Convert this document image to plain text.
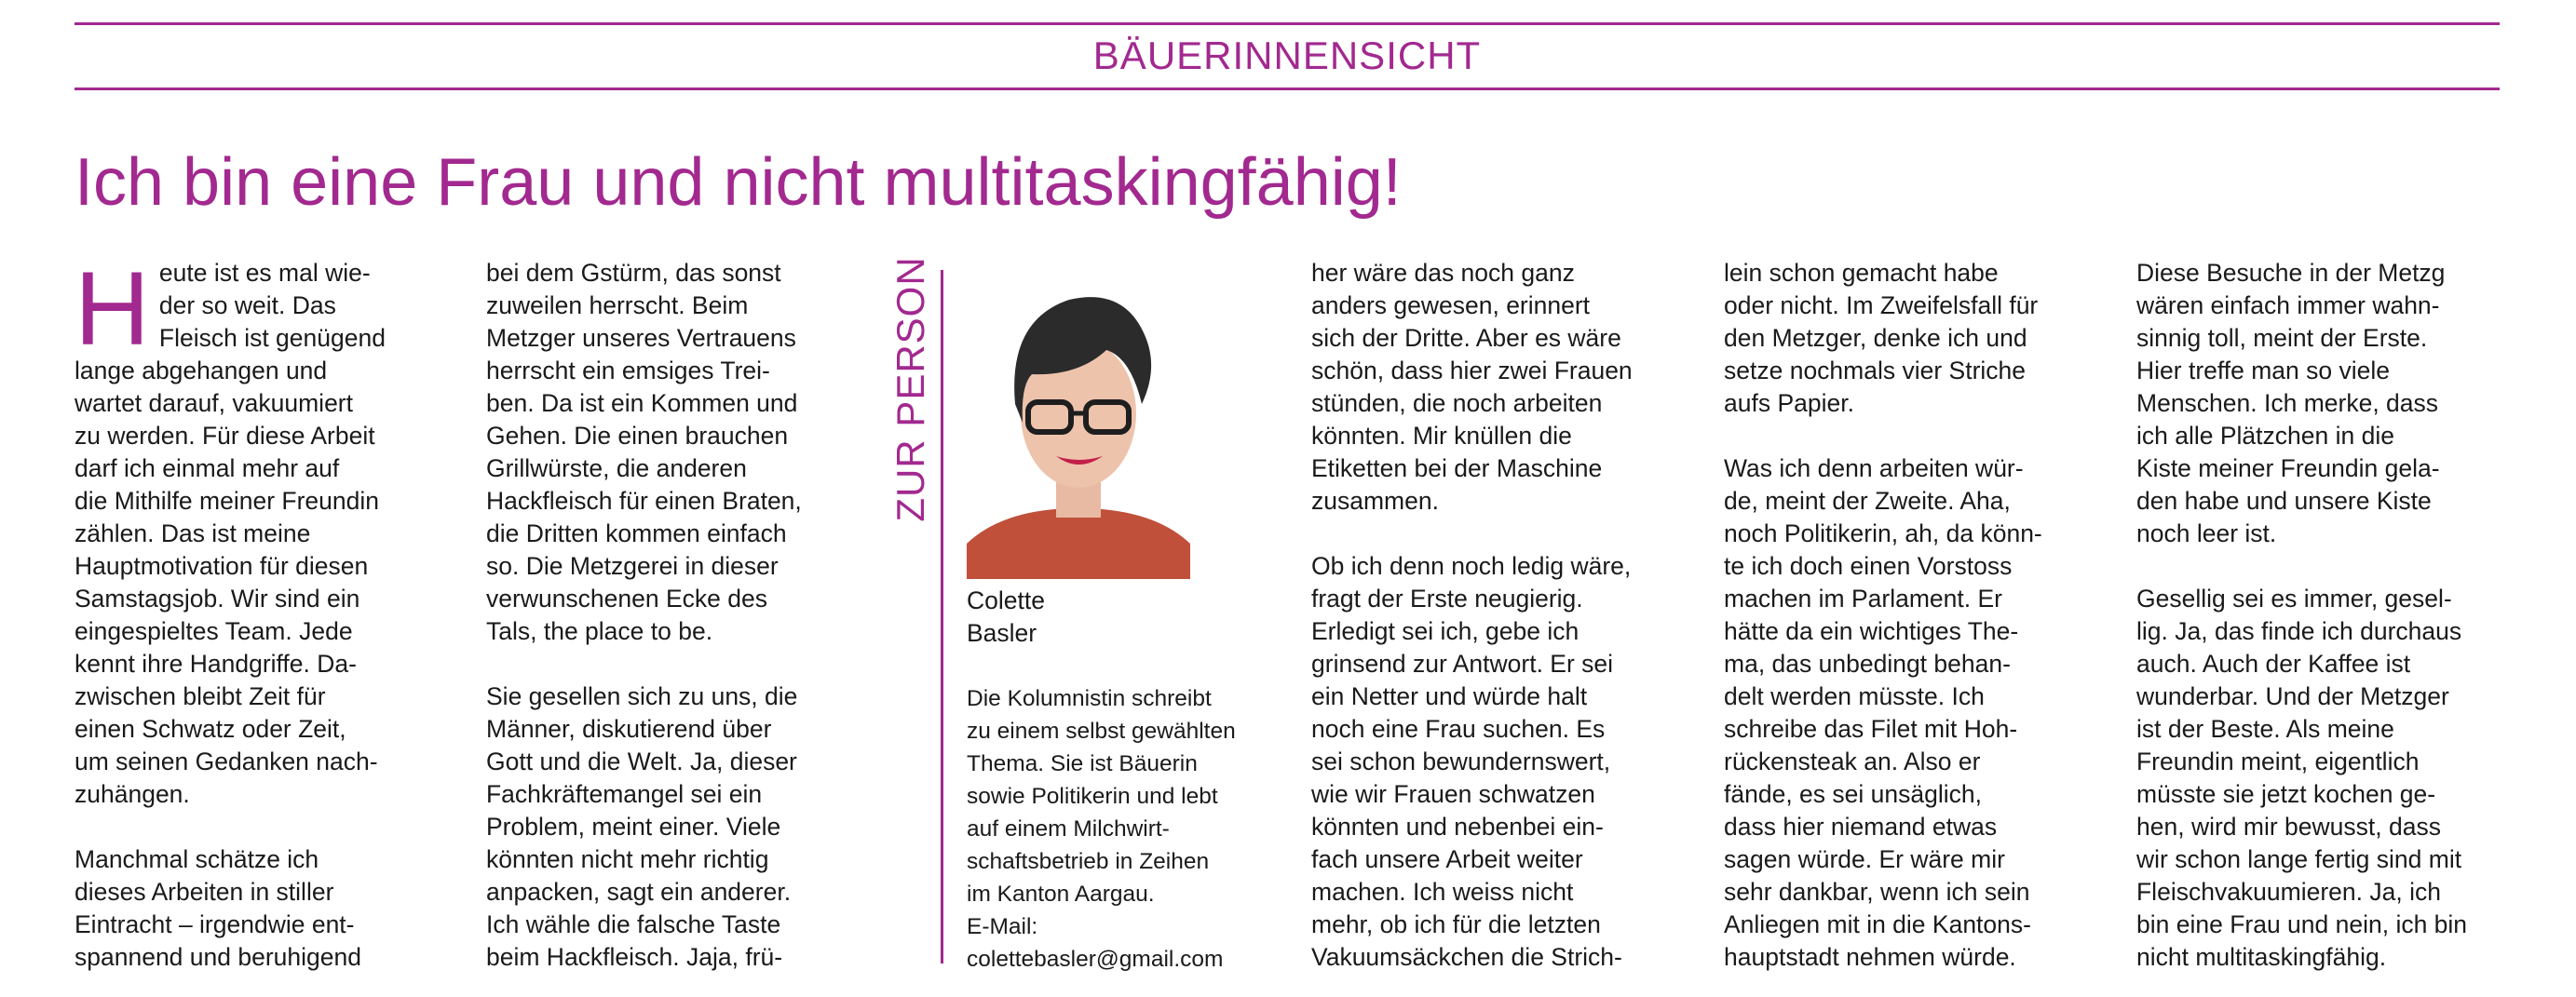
BÄUERINNENSICHT
Ich bin eine Frau und nicht multitaskingfähig!

H eute ist es mal wie-
der so weit. Das
Fleisch ist genügend
lange abgehangen und
wartet darauf, vakuumiert
zu werden. Für diese Arbeit
darf ich einmal mehr auf
die Mithilfe meiner Freundin
zählen. Das ist meine
Hauptmotivation für diesen
Samstagsjob. Wir sind ein
eingespieltes Team. Jede
kennt ihre Handgriffe. Da-
zwischen bleibt Zeit für
einen Schwatz oder Zeit,
um seinen Gedanken nach-
zuhängen.

Manchmal schätze ich
dieses Arbeiten in stiller
Eintracht – irgendwie ent-
spannend und beruhigend

bei dem Gstürm, das sonst
zuweilen herrscht. Beim
Metzger unseres Vertrauens
herrscht ein emsiges Trei-
ben. Da ist ein Kommen und
Gehen. Die einen brauchen
Grillwürste, die anderen
Hackfleisch für einen Braten,
die Dritten kommen einfach
so. Die Metzgerei in dieser
verwunschenen Ecke des
Tals, the place to be.

Sie gesellen sich zu uns, die
Männer, diskutierend über
Gott und die Welt. Ja, dieser
Fachkräftemangel sei ein
Problem, meint einer. Viele
könnten nicht mehr richtig
anpacken, sagt ein anderer.
Ich wähle die falsche Taste
beim Hackfleisch. Jaja, frü-

ZUR PERSON

Colette
Basler

Die Kolumnistin schreibt
zu einem selbst gewählten
Thema. Sie ist Bäuerin
sowie Politikerin und lebt
auf einem Milchwirt-
schaftsbetrieb in Zeihen
im Kanton Aargau.
E-Mail:
colettebasler@gmail.com

her wäre das noch ganz
anders gewesen, erinnert
sich der Dritte. Aber es wäre
schön, dass hier zwei Frauen
stünden, die noch arbeiten
könnten. Mir knüllen die
Etiketten bei der Maschine
zusammen.

Ob ich denn noch ledig wäre,
fragt der Erste neugierig.
Erledigt sei ich, gebe ich
grinsend zur Antwort. Er sei
ein Netter und würde halt
noch eine Frau suchen. Es
sei schon bewundernswert,
wie wir Frauen schwatzen
könnten und nebenbei ein-
fach unsere Arbeit weiter
machen. Ich weiss nicht
mehr, ob ich für die letzten
Vakuumsäckchen die Strich-

lein schon gemacht habe
oder nicht. Im Zweifelsfall für
den Metzger, denke ich und
setze nochmals vier Striche
aufs Papier.

Was ich denn arbeiten wür-
de, meint der Zweite. Aha,
noch Politikerin, ah, da könn-
te ich doch einen Vorstoss
machen im Parlament. Er
hätte da ein wichtiges The-
ma, das unbedingt behan-
delt werden müsste. Ich
schreibe das Filet mit Hoh-
rückensteak an. Also er
fände, es sei unsäglich,
dass hier niemand etwas
sagen würde. Er wäre mir
sehr dankbar, wenn ich sein
Anliegen mit in die Kantons-
hauptstadt nehmen würde.

Diese Besuche in der Metzg
wären einfach immer wahn-
sinnig toll, meint der Erste.
Hier treffe man so viele
Menschen. Ich merke, dass
ich alle Plätzchen in die
Kiste meiner Freundin gela-
den habe und unsere Kiste
noch leer ist.

Gesellig sei es immer, gesel-
lig. Ja, das finde ich durchaus
auch. Auch der Kaffee ist
wunderbar. Und der Metzger
ist der Beste. Als meine
Freundin meint, eigentlich
müsste sie jetzt kochen ge-
hen, wird mir bewusst, dass
wir schon lange fertig sind mit
Fleischvakuumieren. Ja, ich
bin eine Frau und nein, ich bin
nicht multitaskingfähig.
